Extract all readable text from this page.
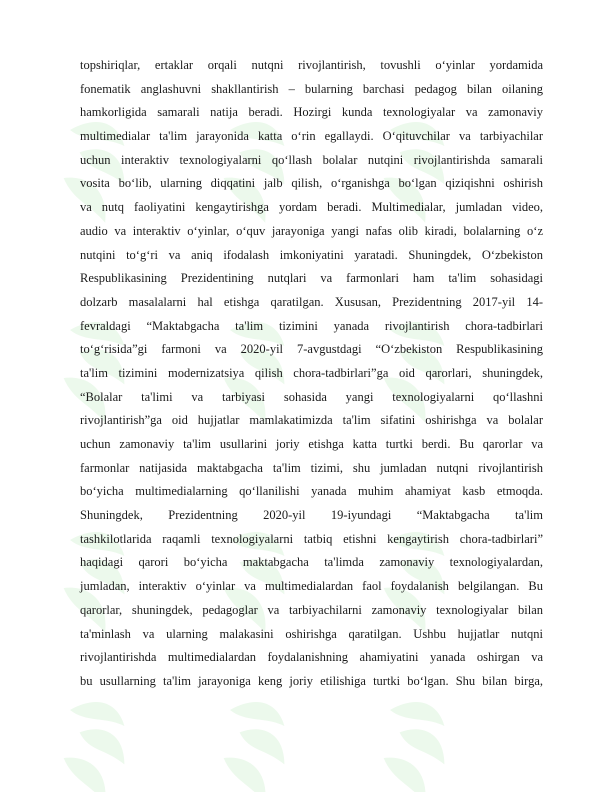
topshiriqlar, ertaklar orqali nutqni rivojlantirish, tovushli o‘yinlar yordamida
fonematik anglashuvni shakllantirish – bularning barchasi pedagog bilan oilaning
hamkorligida samarali natija beradi. Hozirgi kunda texnologiyalar va zamonaviy
multimedialar ta'lim jarayonida katta o‘rin egallaydi. O‘qituvchilar va tarbiyachilar
uchun interaktiv texnologiyalarni qo‘llash bolalar nutqini rivojlantirishda samarali
vosita bo‘lib, ularning diqqatini jalb qilish, o‘rganishga bo‘lgan qiziqishni oshirish
va nutq faoliyatini kengaytirishga yordam beradi. Multimedialar, jumladan video,
audio va interaktiv o‘yinlar, o‘quv jarayoniga yangi nafas olib kiradi, bolalarning o‘z
nutqini to‘g‘ri va aniq ifodalash imkoniyatini yaratadi. Shuningdek, O‘zbekiston
Respublikasining Prezidentining nutqlari va farmonlari ham ta'lim sohasidagi
dolzarb masalalarni hal etishga qaratilgan. Xususan, Prezidentning 2017-yil 14-
fevraldagi “Maktabgacha ta'lim tizimini yanada rivojlantirish chora-tadbirlari
to‘g‘risida”gi farmoni va 2020-yil 7-avgustdagi “O‘zbekiston Respublikasining
ta'lim tizimini modernizatsiya qilish chora-tadbirlari”ga oid qarorlari, shuningdek,
“Bolalar ta'limi va tarbiyasi sohasida yangi texnologiyalarni qo‘llashni
rivojlantirish”ga oid hujjatlar mamlakatimizda ta'lim sifatini oshirishga va bolalar
uchun zamonaviy ta'lim usullarini joriy etishga katta turtki berdi. Bu qarorlar va
farmonlar natijasida maktabgacha ta'lim tizimi, shu jumladan nutqni rivojlantirish
bo‘yicha multimedialarning qo‘llanilishi yanada muhim ahamiyat kasb etmoqda.
Shuningdek, Prezidentning 2020-yil 19-iyundagi “Maktabgacha ta'lim
tashkilotlarida raqamli texnologiyalarni tatbiq etishni kengaytirish chora-tadbirlari”
haqidagi qarori bo‘yicha maktabgacha ta'limda zamonaviy texnologiyalardan,
jumladan, interaktiv o‘yinlar va multimedialardan faol foydalanish belgilangan. Bu
qarorlar, shuningdek, pedagoglar va tarbiyachilarni zamonaviy texnologiyalar bilan
ta'minlash va ularning malakasini oshirishga qaratilgan. Ushbu hujjatlar nutqni
rivojlantirishda multimedialardan foydalanishning ahamiyatini yanada oshirgan va
bu usullarning ta'lim jarayoniga keng joriy etilishiga turtki bo‘lgan. Shu bilan birga,
